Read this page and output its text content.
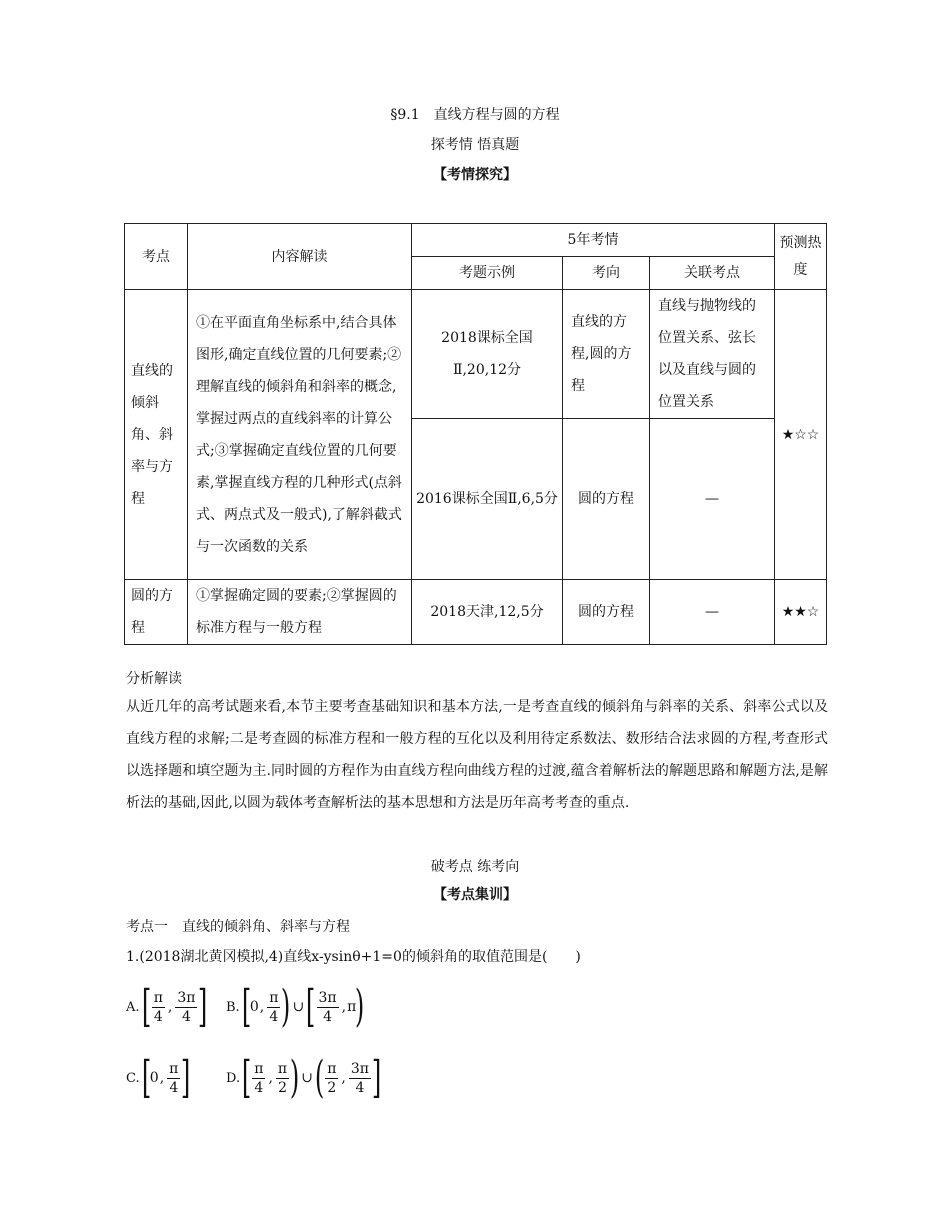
§9.1　直线方程与圆的方程
探考情 悟真题
【考情探究】
考点	内容解读	5年考情			预测热度
		考题示例	考向	关联考点	
直线的倾斜角、斜率与方程	①在平面直角坐标系中,结合具体图形,确定直线位置的几何要素;②理解直线的倾斜角和斜率的概念,掌握过两点的直线斜率的计算公式;③掌握确定直线位置的几何要素,掌握直线方程的几种形式(点斜式、两点式及一般式),了解斜截式与一次函数的关系	2018课标全国Ⅱ,20,12分	直线的方程,圆的方程	直线与抛物线的位置关系、弦长以及直线与圆的位置关系	★☆☆
		2016课标全国Ⅱ,6,5分	圆的方程	—	
圆的方程	①掌握确定圆的要素;②掌握圆的标准方程与一般方程	2018天津,12,5分	圆的方程	—	★★☆
分析解读
从近几年的高考试题来看,本节主要考查基础知识和基本方法,一是考查直线的倾斜角与斜率的关系、斜率公式以及直线方程的求解;二是考查圆的标准方程和一般方程的互化以及利用待定系数法、数形结合法求圆的方程,考查形式以选择题和填空题为主.同时圆的方程作为由直线方程向曲线方程的过渡,蕴含着解析法的解题思路和解题方法,是解析法的基础,因此,以圆为载体考查解析法的基本思想和方法是历年高考考查的重点.
破考点 练考向
【考点集训】
考点一　直线的倾斜角、斜率与方程
1.(2018湖北黄冈模拟,4)直线x-ysinθ+1=0的倾斜角的取值范围是(　　)
A. [ $\frac{\pi}{4}$ , $\frac{3\pi}{4}$ ] B. [
0 , $\frac{\pi}{4}$ ) ∪ [ $\frac{3\pi}{4}$ , π
)
C. [
0 , $\frac{\pi}{4}$ ]	D. [ $\frac{\pi}{4}$ , $\frac{\pi}{2}$ ) ∪ ( $\frac{\pi}{2}$ , $\frac{3\pi}{4}$ ]
